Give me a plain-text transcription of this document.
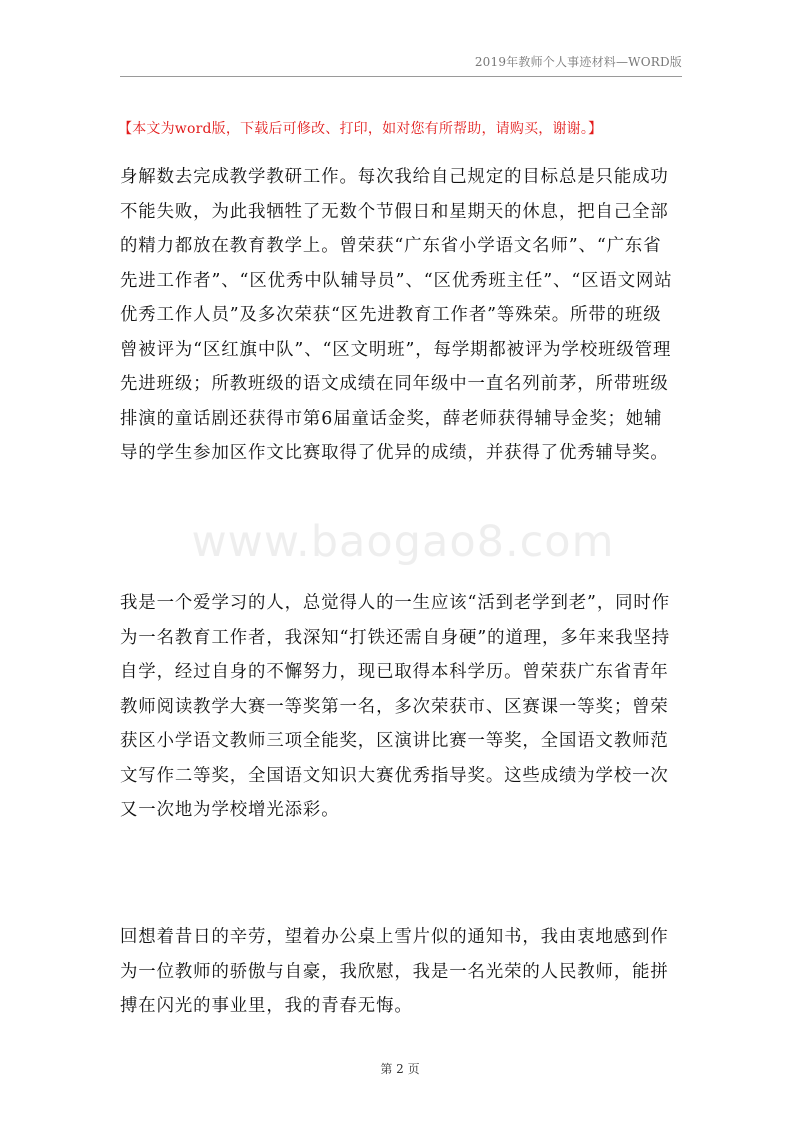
2019年教师个人事迹材料—WORD版
【本文为word版，下载后可修改、打印，如对您有所帮助，请购买，谢谢。】
身解数去完成教学教研工作。每次我给自己规定的目标总是只能成功
不能失败，为此我牺牲了无数个节假日和星期天的休息，把自己全部
的精力都放在教育教学上。曾荣获“广东省小学语文名师”、“广东省
先进工作者”、“区优秀中队辅导员”、“区优秀班主任”、“区语文网站
优秀工作人员”及多次荣获“区先进教育工作者”等殊荣。所带的班级
曾被评为“区红旗中队”、“区文明班”，每学期都被评为学校班级管理
先进班级；所教班级的语文成绩在同年级中一直名列前茅，所带班级
排演的童话剧还获得市第6届童话金奖，薛老师获得辅导金奖；她辅
导的学生参加区作文比赛取得了优异的成绩，并获得了优秀辅导奖。
www.baogao8.com
我是一个爱学习的人，总觉得人的一生应该“活到老学到老”，同时作
为一名教育工作者，我深知“打铁还需自身硬”的道理，多年来我坚持
自学，经过自身的不懈努力，现已取得本科学历。曾荣获广东省青年
教师阅读教学大赛一等奖第一名，多次荣获市、区赛课一等奖；曾荣
获区小学语文教师三项全能奖，区演讲比赛一等奖，全国语文教师范
文写作二等奖，全国语文知识大赛优秀指导奖。这些成绩为学校一次
又一次地为学校增光添彩。
回想着昔日的辛劳，望着办公桌上雪片似的通知书，我由衷地感到作
为一位教师的骄傲与自豪，我欣慰，我是一名光荣的人民教师，能拼
搏在闪光的事业里，我的青春无悔。
第 2 页
